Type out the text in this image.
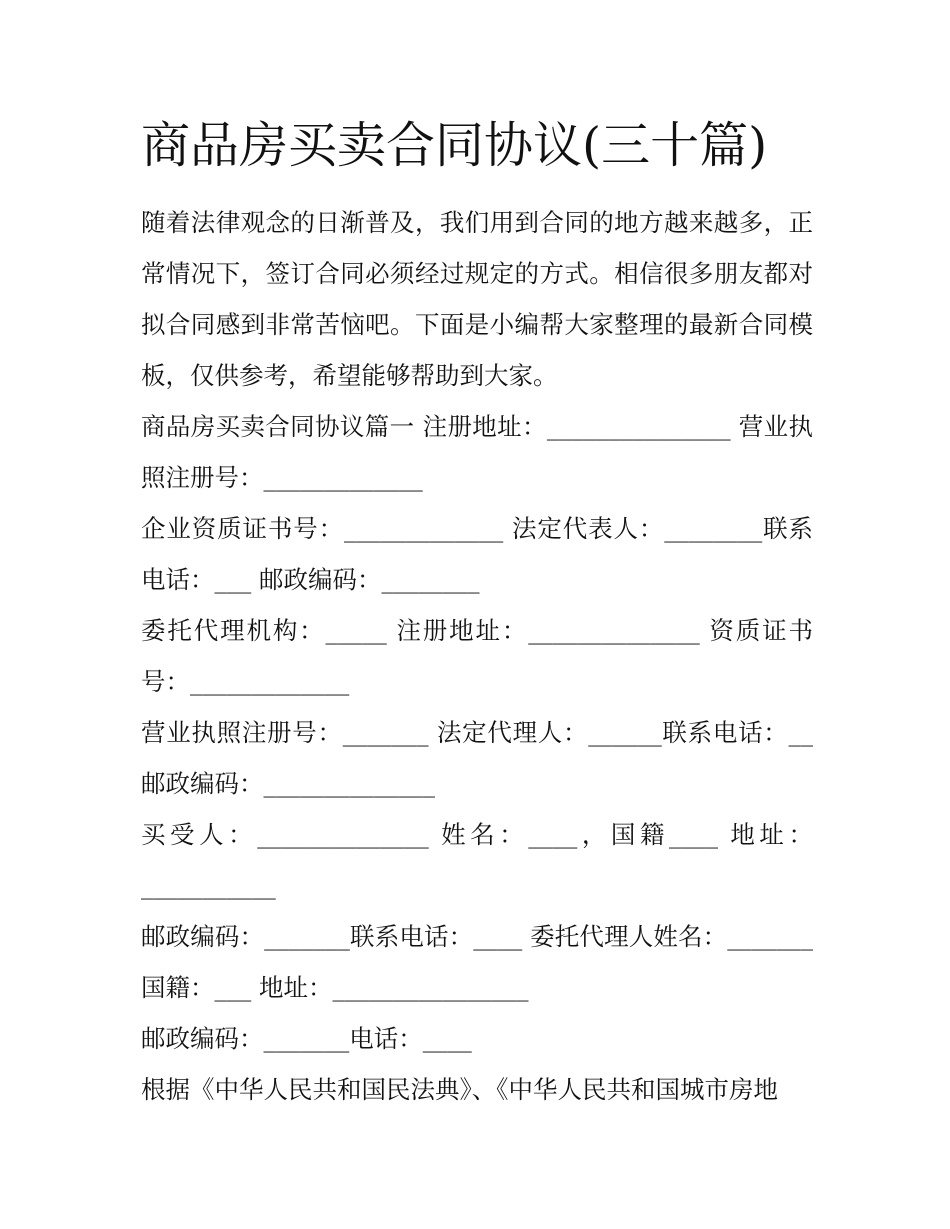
商品房买卖合同协议(三十篇)

随着法律观念的日渐普及，我们用到合同的地方越来越多，正常情况下，签订合同必须经过规定的方式。相信很多朋友都对拟合同感到非常苦恼吧。下面是小编帮大家整理的最新合同模板，仅供参考，希望能够帮助到大家。

商品房买卖合同协议篇一 注册地址：_______________ 营业执照注册号：_____________

企业资质证书号：_____________ 法定代表人：________联系电话：___ 邮政编码：________

委托代理机构：_____ 注册地址：______________ 资质证书号：_____________

营业执照注册号：_______ 法定代理人：______联系电话：__ 邮政编码：______________

买受人：______________ 姓名：____，国籍____ 地址：___________

邮政编码：_______联系电话：____ 委托代理人姓名：_______国籍：___ 地址：________________

邮政编码：_______电话：____

根据《中华人民共和国民法典》、《中华人民共和国城市房地
